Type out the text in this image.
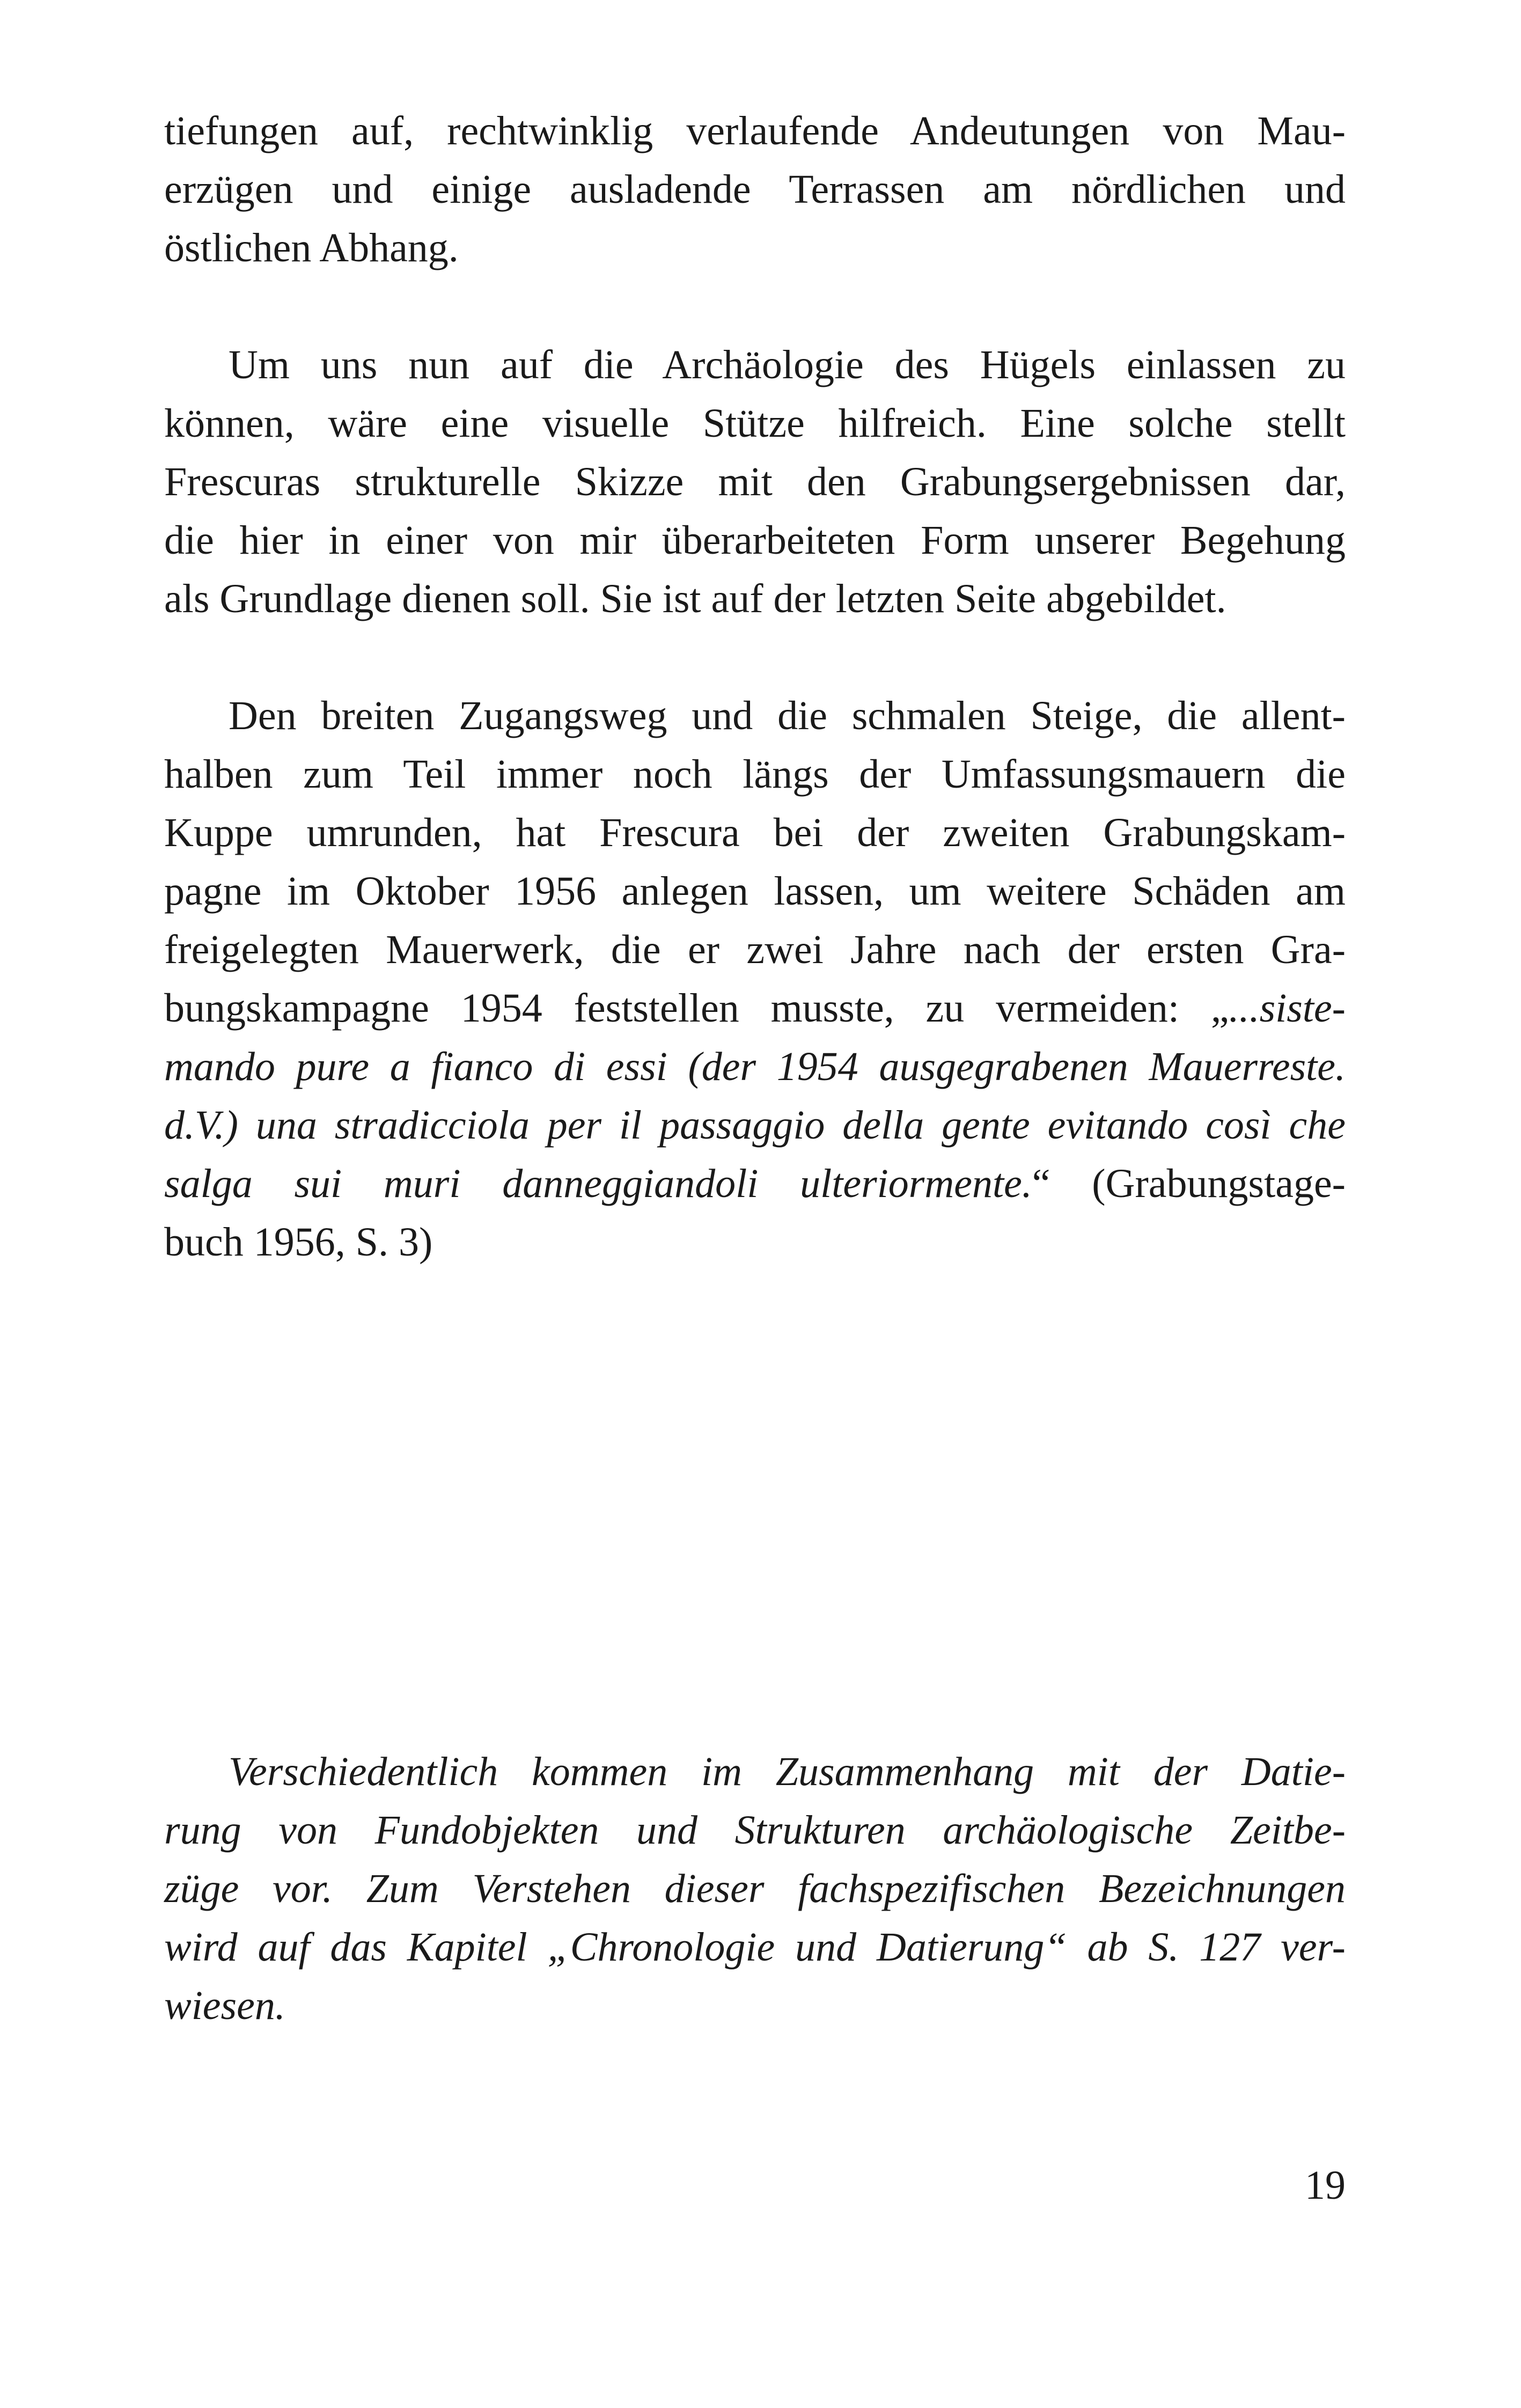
tiefungen auf, rechtwinklig verlaufende Andeutungen von Mau-
erzügen und einige ausladende Terrassen am nördlichen und
östlichen Abhang.

Um uns nun auf die Archäologie des Hügels einlassen zu
können, wäre eine visuelle Stütze hilfreich. Eine solche stellt
Frescuras strukturelle Skizze mit den Grabungsergebnissen dar,
die hier in einer von mir überarbeiteten Form unserer Begehung
als Grundlage dienen soll. Sie ist auf der letzten Seite abgebildet.

Den breiten Zugangsweg und die schmalen Steige, die allent-
halben zum Teil immer noch längs der Umfassungsmauern die
Kuppe umrunden, hat Frescura bei der zweiten Grabungskam-
pagne im Oktober 1956 anlegen lassen, um weitere Schäden am
freigelegten Mauerwerk, die er zwei Jahre nach der ersten Gra-
bungskampagne 1954 feststellen musste, zu vermeiden: „...siste-
mando pure a fianco di essi (der 1954 ausgegrabenen Mauerreste.
d.V.) una stradicciola per il passaggio della gente evitando così che
salga sui muri danneggiandoli ulteriormente.“ (Grabungstage-
buch 1956, S. 3)

Verschiedentlich kommen im Zusammenhang mit der Datie-
rung von Fundobjekten und Strukturen archäologische Zeitbe-
züge vor. Zum Verstehen dieser fachspezifischen Bezeichnungen
wird auf das Kapitel „Chronologie und Datierung“ ab S. 127 ver-
wiesen.

19
